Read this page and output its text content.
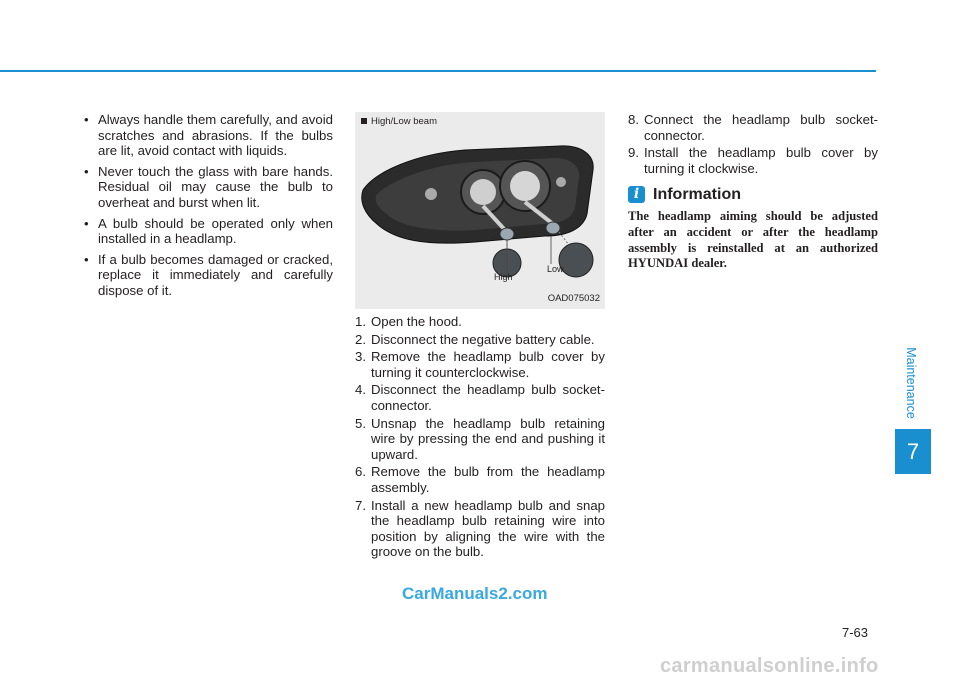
• Always handle them carefully, and avoid scratches and abrasions. If the bulbs are lit, avoid contact with liquids.
• Never touch the glass with bare hands. Residual oil may cause the bulb to overheat and burst when lit.
• A bulb should be operated only when installed in a headlamp.
• If a bulb becomes damaged or cracked, replace it immediately and carefully dispose of it.
High/Low beam
High
Low
OAD075032
1. Open the hood.
2. Disconnect the negative battery cable.
3. Remove the headlamp bulb cover by turning it counterclockwise.
4. Disconnect the headlamp bulb socket-connector.
5. Unsnap the headlamp bulb retaining wire by pressing the end and pushing it upward.
6. Remove the bulb from the headlamp assembly.
7. Install a new headlamp bulb and snap the headlamp bulb retaining wire into position by aligning the wire with the groove on the bulb.
8. Connect the headlamp bulb socket-connector.
9. Install the headlamp bulb cover by turning it clockwise.
i Information
The headlamp aiming should be adjusted after an accident or after the headlamp assembly is reinstalled at an authorized HYUNDAI dealer.
Maintenance
7
CarManuals2.com
7-63
carmanualsonline.info
